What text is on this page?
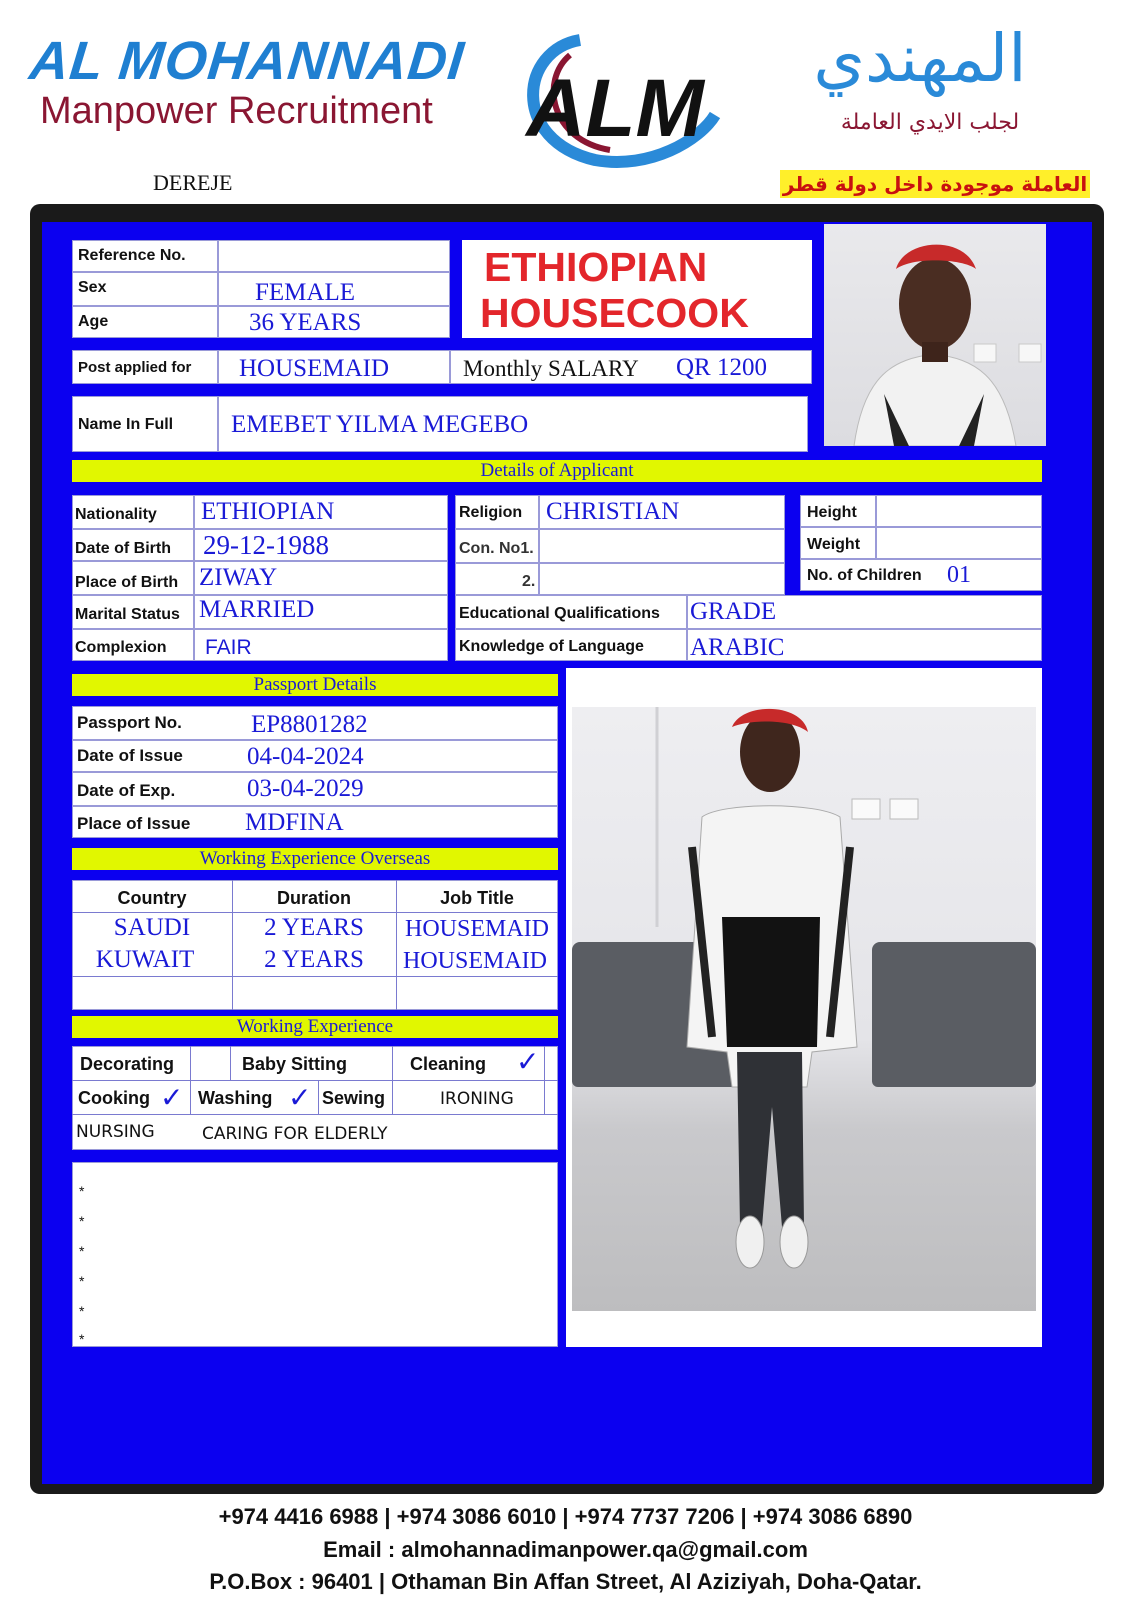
AL MOHANNADI
Manpower Recruitment	ALM
المهندي
لجلب الايدي العاملة
DEREJE	العاملة موجودة داخل دولة قطر
Reference No.
Sex	FEMALE
Age	36 YEARS
ETHIOPIAN
HOUSECOOK
Post applied for HOUSEMAID	Monthly SALARY QR 1200
Name In Full EMEBET YILMA MEGEBO
Details of Applicant
Nationality ETHIOPIAN
Date of Birth 29-12-1988
Place of Birth ZIWAY
Marital Status MARRIED
Complexion FAIR
Religion CHRISTIAN
Con. No1.
2.
Height
Weight
No. of Children 01
Educational Qualifications GRADE
Knowledge of Language ARABIC
Passport Details
Passport No.	EP8801282
Date of Issue	04-04-2024
Date of Exp.	03-04-2029
Place of Issue MDFINA
Working Experience Overseas
Country	Duration	Job Title
SAUDI	2 YEARS	HOUSEMAID
KUWAIT	2 YEARS	HOUSEMAID
Working Experience
Decorating	Baby Sitting	Cleaning ✓
Cooking ✓ Washing ✓ Sewing	IRONING
NURSING	CARING FOR ELDERLY
*
*
*
*
*
*
+974 4416 6988 | +974 3086 6010 | +974 7737 7206 | +974 3086 6890
Email : almohannadimanpower.qa@gmail.com
P.O.Box : 96401 | Othaman Bin Affan Street, Al Aziziyah, Doha-Qatar.
